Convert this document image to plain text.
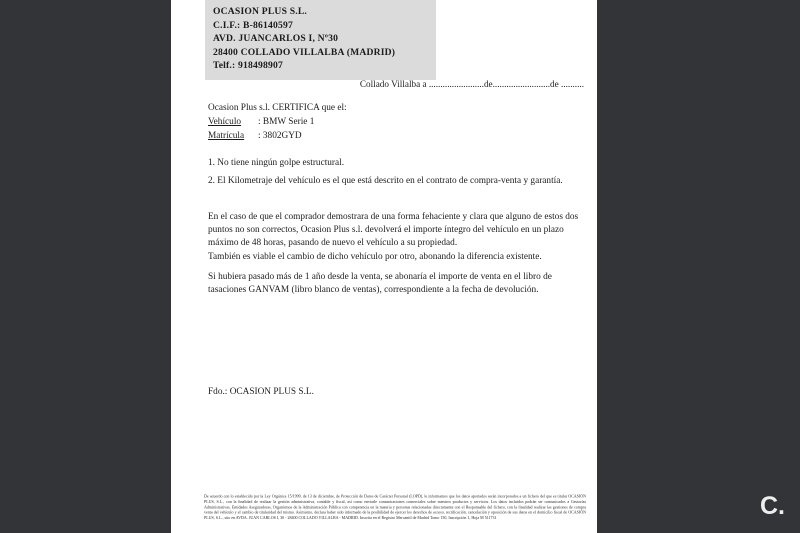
OCASION PLUS S.L.
C.I.F.: B-86140597
AVD. JUANCARLOS I, Nº30
28400 COLLADO VILLALBA (MADRID)
Telf.: 918498907
Collado Villalba a ........................de.........................de ..........
Ocasion Plus s.l. CERTIFICA que el:
Vehículo : BMW Serie 1
Matrícula : 3802GYD
1. No tiene ningún golpe estructural.
2. El Kilometraje del vehículo es el que está descrito en el contrato de compra-venta y garantía.
En el caso de que el comprador demostrara de una forma fehaciente y clara que alguno de estos dos puntos no son correctos, Ocasion Plus s.l. devolverá el importe íntegro del vehículo en un plazo máximo de 48 horas, pasando de nuevo el vehículo a su propiedad.
También es viable el cambio de dicho vehículo por otro, abonando la diferencia existente.
Si hubiera pasado más de 1 año desde la venta, se abonaría el importe de venta en el libro de tasaciones GANVAM (libro blanco de ventas), correspondiente a la fecha de devolución.
Fdo.: OCASION PLUS S.L.
De acuerdo con lo establecido por la Ley Orgánica 15/1999, de 13 de diciembre, de Protección de Datos de Carácter Personal (LOPD), le informamos que los datos aportados serán incorporados a un fichero del que es titular OCASIÓN PLUS, S.L., con la finalidad de realizar la gestión administrativa, contable y fiscal, así como enviarle comunicaciones comerciales sobre nuestros productos y servicios. Los datos incluidos podrán ser comunicados a Gestorías Administrativas, Entidades Aseguradoras, Organismos de la Administración Pública con competencia en la materia y personas relacionadas directamente con el Responsable del fichero, con la finalidad realizar las gestiones de compra venta del vehículo y el cambio de titularidad del mismo. Asimismo, declara haber sido informado de la posibilidad de ejercer los derechos de acceso, rectificación, cancelación y oposición de sus datos en el domicilio fiscal de OCASIÓN PLUS, S.L., sito en AVDA. JUAN CARLOS I, 30 - 28400 COLLADO VILLALBA - MADRID. Inscrita en el Registro Mercantil de Madrid Tomo 150, Inscripción 1, Hoja M 511731	C.
